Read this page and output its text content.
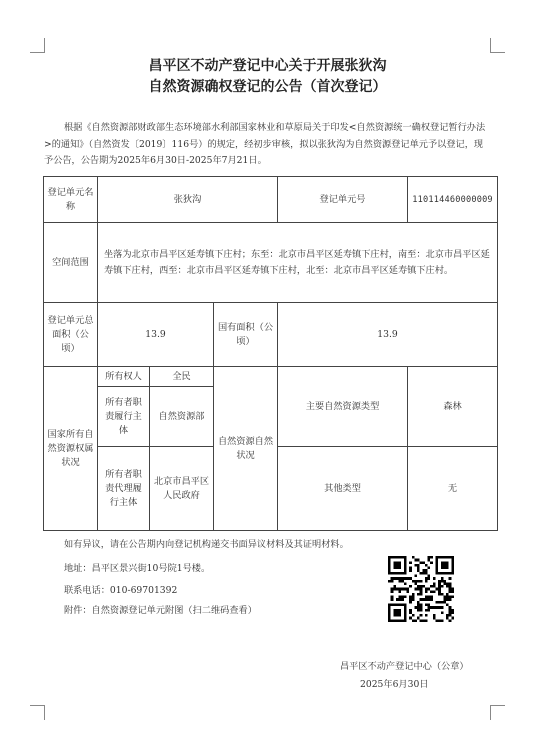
昌平区不动产登记中心关于开展张狄沟
自然资源确权登记的公告（首次登记）
根据《自然资源部财政部生态环境部水利部国家林业和草原局关于印发<自然资源统一确权登记暂行办法>的通知》（自然资发〔2019〕116号）的规定，经初步审核，拟以张狄沟为自然资源登记单元予以登记，现予公告，公告期为2025年6月30日-2025年7月21日。
登记单元名称	张狄沟			登记单元号	110114460000009
空间范围	坐落为北京市昌平区延寿镇下庄村；东至：北京市昌平区延寿镇下庄村，南至：北京市昌平区延寿镇下庄村，西至：北京市昌平区延寿镇下庄村，北至：北京市昌平区延寿镇下庄村。				
登记单元总面积（公顷）	13.9		国有面积（公顷）	13.9	
国家所有自然资源权属状况	所有权人	全民	自然资源自然状况	主要自然资源类型	森林
	所有者职责履行主体	自然资源部			
	所有者职责代理履行主体	北京市昌平区人民政府		其他类型	无
如有异议，请在公告期内向登记机构递交书面异议材料及其证明材料。
地址：昌平区景兴街10号院1号楼。
联系电话：010-69701392
附件：自然资源登记单元附图（扫二维码查看）
昌平区不动产登记中心（公章）
2025年6月30日
